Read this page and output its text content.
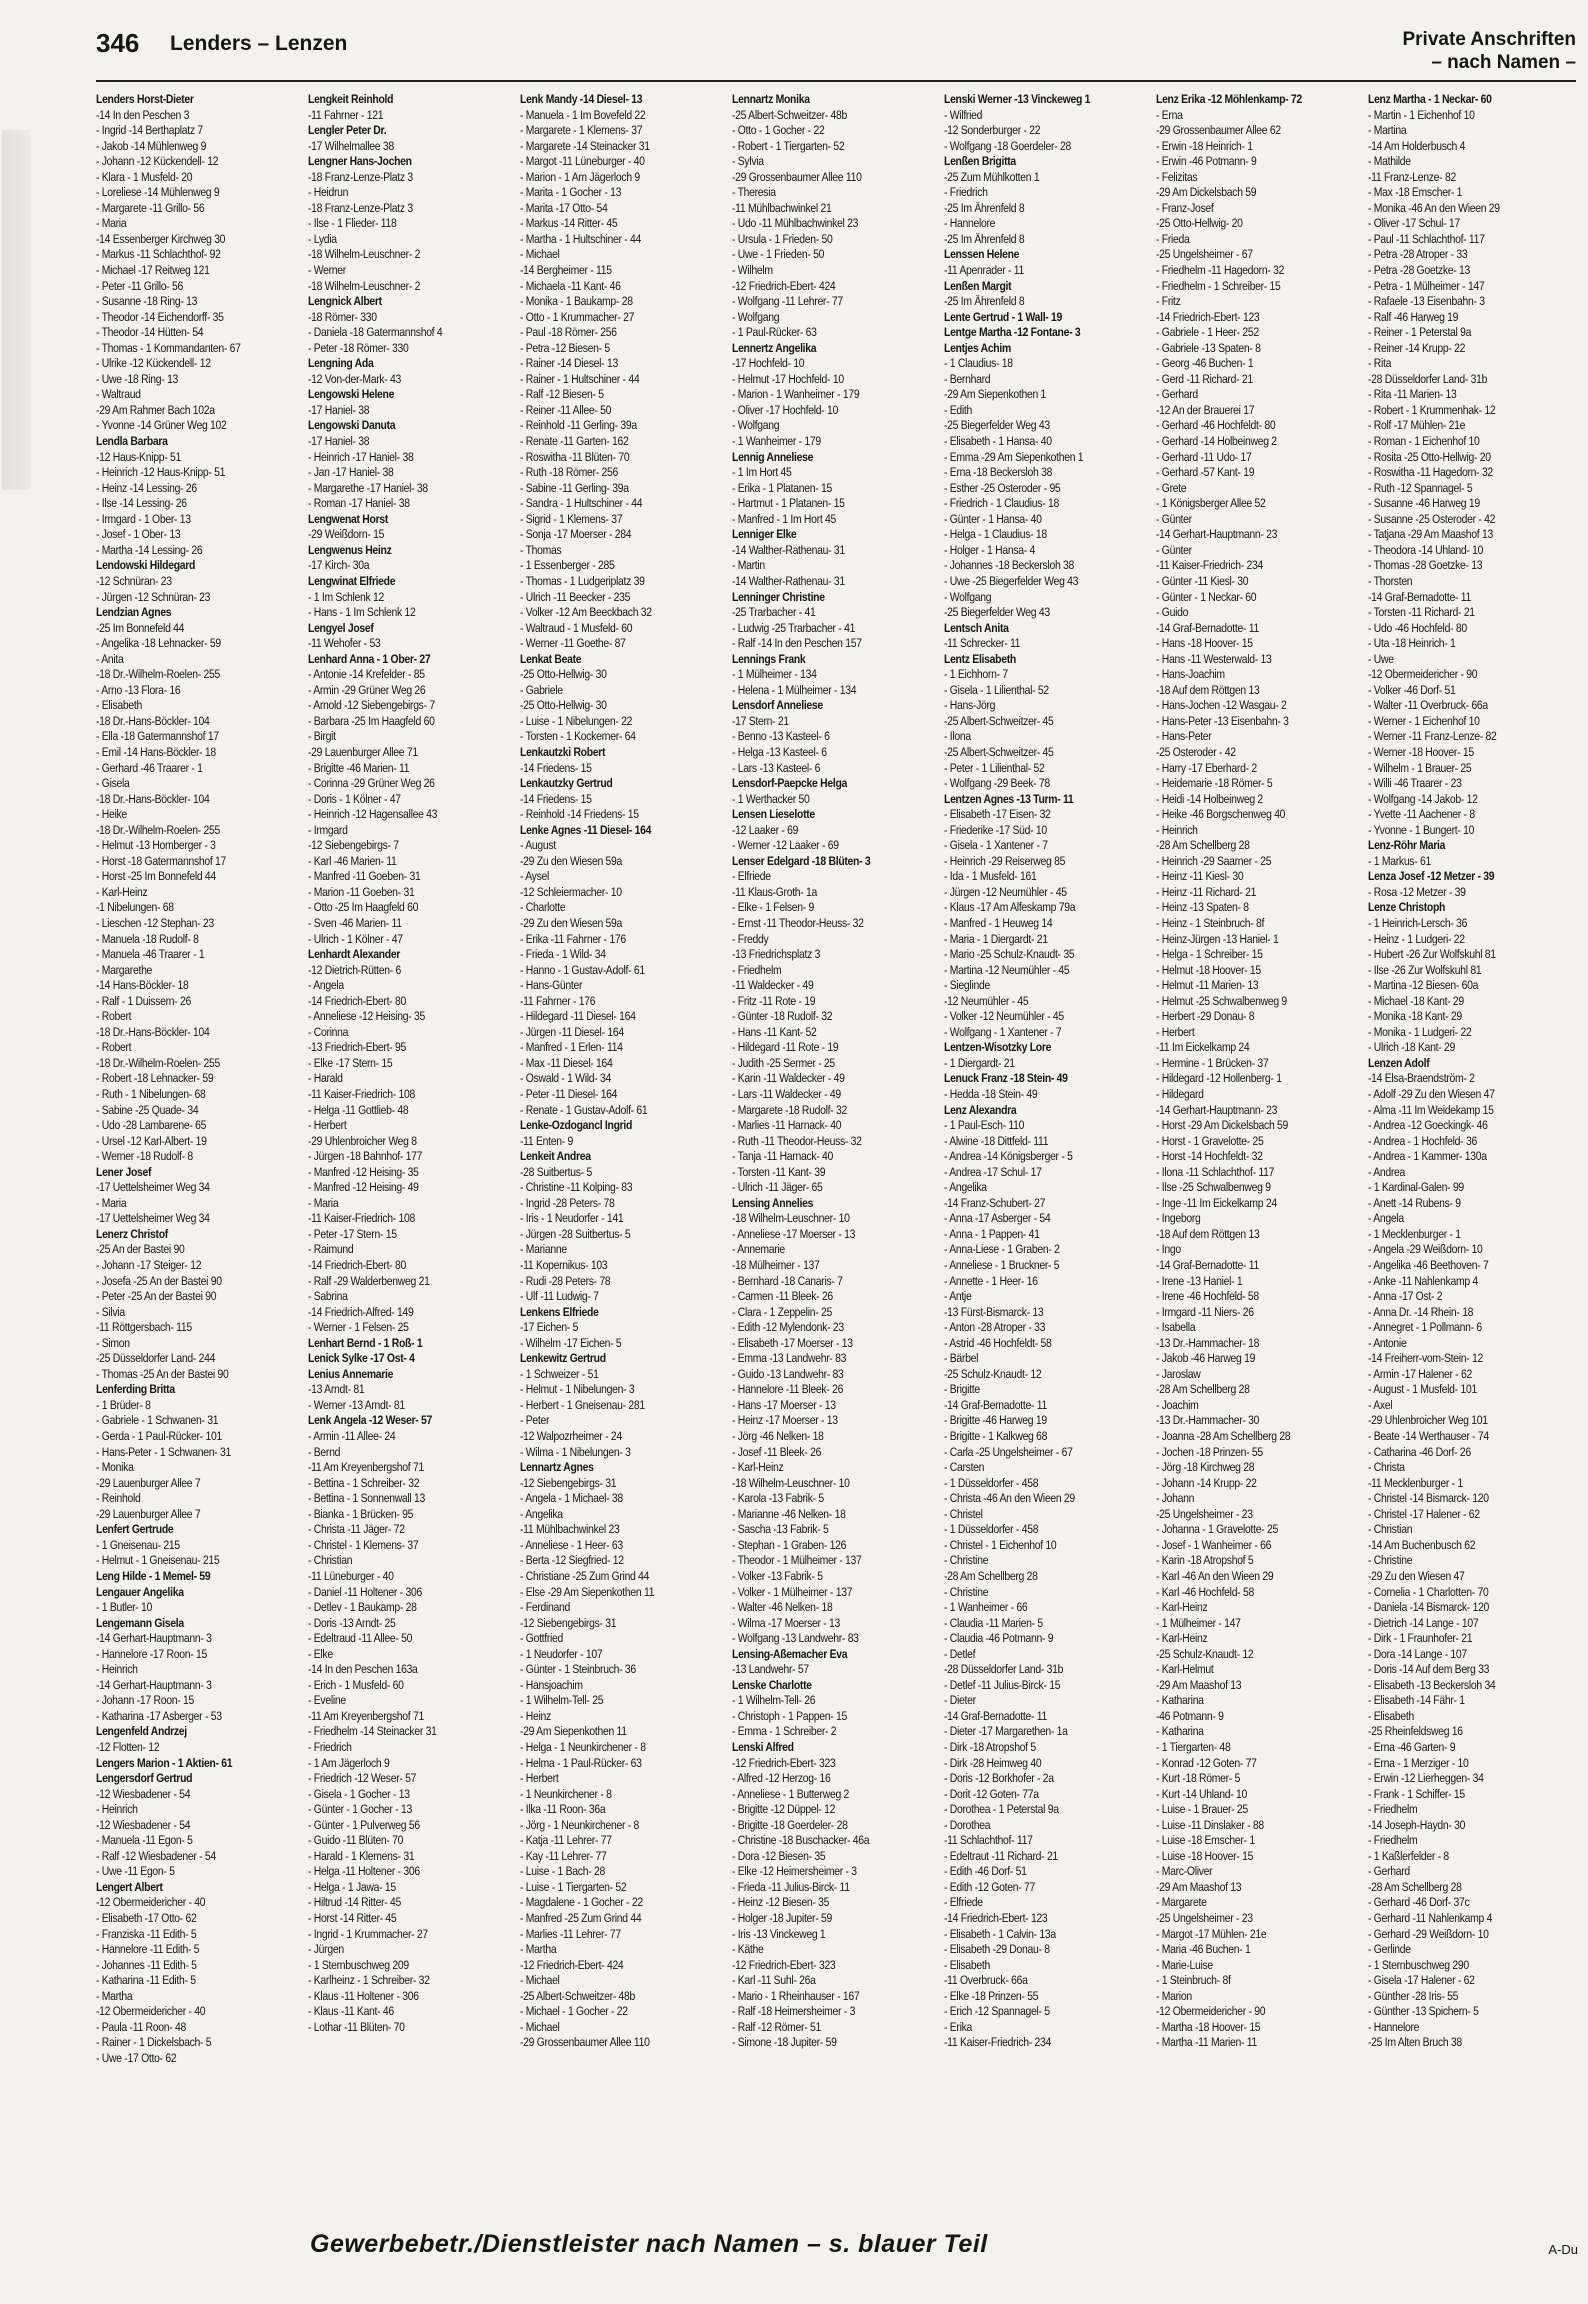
346 Lenders – Lenzen	Private Anschriften
– nach Namen –
Lenders Horst-Dieter
-14 In den Peschen 3
- Ingrid -14 Berthaplatz 7
- Jakob -14 Mühlenweg 9
- Johann -12 Kückendell- 12
- Klara - 1 Musfeld- 20
- Loreliese -14 Mühlenweg 9
- Margarete -11 Grillo- 56
- Maria
-14 Essenberger Kirchweg 30
- Markus -11 Schlachthof- 92
- Michael -17 Reitweg 121
- Peter -11 Grillo- 56
- Susanne -18 Ring- 13
- Theodor -14 Eichendorff- 35
- Theodor -14 Hütten- 54
- Thomas - 1 Kommandanten- 67
- Ulrike -12 Kückendell- 12
- Uwe -18 Ring- 13
- Waltraud
-29 Am Rahmer Bach 102a
- Yvonne -14 Grüner Weg 102
Lendla Barbara
-12 Haus-Knipp- 51
- Heinrich -12 Haus-Knipp- 51
- Heinz -14 Lessing- 26
- Ilse -14 Lessing- 26
- Irmgard - 1 Ober- 13
- Josef - 1 Ober- 13
- Martha -14 Lessing- 26
Lendowski Hildegard
-12 Schnüran- 23
- Jürgen -12 Schnüran- 23
Lendzian Agnes
-25 Im Bonnefeld 44
- Angelika -18 Lehnacker- 59
- Anita
-18 Dr.-Wilhelm-Roelen- 255
- Arno -13 Flora- 16
- Elisabeth
-18 Dr.-Hans-Böckler- 104
- Ella -18 Gatermannshof 17
- Emil -14 Hans-Böckler- 18
- Gerhard -46 Traarer - 1
- Gisela
-18 Dr.-Hans-Böckler- 104
- Heike
-18 Dr.-Wilhelm-Roelen- 255
- Helmut -13 Homberger - 3
- Horst -18 Gatermannshof 17
- Horst -25 Im Bonnefeld 44
- Karl-Heinz
-1 Nibelungen- 68
- Lieschen -12 Stephan- 23
- Manuela -18 Rudolf- 8
- Manuela -46 Traarer - 1
- Margarethe
-14 Hans-Böckler- 18
- Ralf - 1 Duissern- 26
- Robert
-18 Dr.-Hans-Böckler- 104
- Robert
-18 Dr.-Wilhelm-Roelen- 255
- Robert -18 Lehnacker- 59
- Ruth - 1 Nibelungen- 68
- Sabine -25 Quade- 34
- Udo -28 Lambarene- 65
- Ursel -12 Karl-Albert- 19
- Werner -18 Rudolf- 8
Lener Josef
-17 Uettelsheimer Weg 34
- Maria
-17 Uettelsheimer Weg 34
Lenerz Christof
-25 An der Bastei 90
- Johann -17 Steiger- 12
- Josefa -25 An der Bastei 90
- Peter -25 An der Bastei 90
- Silvia
-11 Röttgersbach- 115
- Simon
-25 Düsseldorfer Land- 244
- Thomas -25 An der Bastei 90
Lenferding Britta
- 1 Brüder- 8
- Gabriele - 1 Schwanen- 31
- Gerda - 1 Paul-Rücker- 101
- Hans-Peter - 1 Schwanen- 31
- Monika
-29 Lauenburger Allee 7
- Reinhold
-29 Lauenburger Allee 7
Lenfert Gertrude
- 1 Gneisenau- 215
- Helmut - 1 Gneisenau- 215
Leng Hilde - 1 Memel- 59
Lengauer Angelika
- 1 Butler- 10
Lengemann Gisela
-14 Gerhart-Hauptmann- 3
- Hannelore -17 Roon- 15
- Heinrich
-14 Gerhart-Hauptmann- 3
- Johann -17 Roon- 15
- Katharina -17 Asberger - 53
Lengenfeld Andrzej
-12 Flotten- 12
Lengers Marion - 1 Aktien- 61
Lengersdorf Gertrud
-12 Wiesbadener - 54
- Heinrich
-12 Wiesbadener - 54
- Manuela -11 Egon- 5
- Ralf -12 Wiesbadener - 54
- Uwe -11 Egon- 5
Lengert Albert
-12 Obermeidericher - 40
- Elisabeth -17 Otto- 62
- Franziska -11 Edith- 5
- Hannelore -11 Edith- 5
- Johannes -11 Edith- 5
- Katharina -11 Edith- 5
- Martha
-12 Obermeidericher - 40
- Paula -11 Roon- 48
- Rainer - 1 Dickelsbach- 5
- Uwe -17 Otto- 62
Lengkeit Reinhold
-11 Fahrner - 121
Lengler Peter Dr.
-17 Wilhelmallee 38
Lengner Hans-Jochen
-18 Franz-Lenze-Platz 3
- Heidrun
-18 Franz-Lenze-Platz 3
- Ilse - 1 Flieder- 118
- Lydia
-18 Wilhelm-Leuschner- 2
- Werner
-18 Wilhelm-Leuschner- 2
Lengnick Albert
-18 Römer- 330
- Daniela -18 Gatermannshof 4
- Peter -18 Römer- 330
Lengning Ada
-12 Von-der-Mark- 43
Lengowski Helene
-17 Haniel- 38
Lengowski Danuta
-17 Haniel- 38
- Heinrich -17 Haniel- 38
- Jan -17 Haniel- 38
- Margarethe -17 Haniel- 38
- Roman -17 Haniel- 38
Lengwenat Horst
-29 Weißdorn- 15
Lengwenus Heinz
-17 Kirch- 30a
Lengwinat Elfriede
- 1 Im Schlenk 12
- Hans - 1 Im Schlenk 12
Lengyel Josef
-11 Wehofer - 53
Lenhard Anna - 1 Ober- 27
- Antonie -14 Krefelder - 85
- Armin -29 Grüner Weg 26
- Arnold -12 Siebengebirgs- 7
- Barbara -25 Im Haagfeld 60
- Birgit
-29 Lauenburger Allee 71
- Brigitte -46 Marien- 11
- Corinna -29 Grüner Weg 26
- Doris - 1 Kölner - 47
- Heinrich -12 Hagensallee 43
- Irmgard
-12 Siebengebirgs- 7
- Karl -46 Marien- 11
- Manfred -11 Goeben- 31
- Marion -11 Goeben- 31
- Otto -25 Im Haagfeld 60
- Sven -46 Marien- 11
- Ulrich - 1 Kölner - 47
Lenhardt Alexander
-12 Dietrich-Rütten- 6
- Angela
-14 Friedrich-Ebert- 80
- Anneliese -12 Heising- 35
- Corinna
-13 Friedrich-Ebert- 95
- Elke -17 Stern- 15
- Harald
-11 Kaiser-Friedrich- 108
- Helga -11 Gottlieb- 48
- Herbert
-29 Uhlenbroicher Weg 8
- Jürgen -18 Bahnhof- 177
- Manfred -12 Heising- 35
- Manfred -12 Heising- 49
- Maria
-11 Kaiser-Friedrich- 108
- Peter -17 Stern- 15
- Raimund
-14 Friedrich-Ebert- 80
- Ralf -29 Walderbenweg 21
- Sabrina
-14 Friedrich-Alfred- 149
- Werner - 1 Felsen- 25
Lenhart Bernd - 1 Roß- 1
Lenick Sylke -17 Ost- 4
Lenius Annemarie
-13 Arndt- 81
- Werner -13 Arndt- 81
Lenk Angela -12 Weser- 57
- Armin -11 Allee- 24
- Bernd
-11 Am Kreyenbergshof 71
- Bettina - 1 Schreiber- 32
- Bettina - 1 Sonnenwall 13
- Bianka - 1 Brücken- 95
- Christa -11 Jäger- 72
- Christel - 1 Klemens- 37
- Christian
-11 Lüneburger - 40
- Daniel -11 Holtener - 306
- Detlev - 1 Baukamp- 28
- Doris -13 Arndt- 25
- Edeltraud -11 Allee- 50
- Elke
-14 In den Peschen 163a
- Erich - 1 Musfeld- 60
- Eveline
-11 Am Kreyenbergshof 71
- Friedhelm -14 Steinacker 31
- Friedrich
- 1 Am Jägerloch 9
- Friedrich -12 Weser- 57
- Gisela - 1 Gocher - 13
- Günter - 1 Gocher - 13
- Günter - 1 Pulverweg 56
- Guido -11 Blüten- 70
- Harald - 1 Klemens- 31
- Helga -11 Holtener - 306
- Helga - 1 Jawa- 15
- Hiltrud -14 Ritter- 45
- Horst -14 Ritter- 45
- Ingrid - 1 Krummacher- 27
- Jürgen
- 1 Sternbuschweg 209
- Karlheinz - 1 Schreiber- 32
- Klaus -11 Holtener - 306
- Klaus -11 Kant- 46
- Lothar -11 Blüten- 70
Lenk Mandy -14 Diesel- 13
- Manuela - 1 Im Bovefeld 22
- Margarete - 1 Klemens- 37
- Margarete -14 Steinacker 31
- Margot -11 Lüneburger - 40
- Marion - 1 Am Jägerloch 9
- Marita - 1 Gocher - 13
- Marita -17 Otto- 54
- Markus -14 Ritter- 45
- Martha - 1 Hultschiner - 44
- Michael
-14 Bergheimer - 115
- Michaela -11 Kant- 46
- Monika - 1 Baukamp- 28
- Otto - 1 Krummacher- 27
- Paul -18 Römer- 256
- Petra -12 Biesen- 5
- Rainer -14 Diesel- 13
- Rainer - 1 Hultschiner - 44
- Ralf -12 Biesen- 5
- Reiner -11 Allee- 50
- Reinhold -11 Gerling- 39a
- Renate -11 Garten- 162
- Roswitha -11 Blüten- 70
- Ruth -18 Römer- 256
- Sabine -11 Gerling- 39a
- Sandra - 1 Hultschiner - 44
- Sigrid - 1 Klemens- 37
- Sonja -17 Moerser - 284
- Thomas
- 1 Essenberger - 285
- Thomas - 1 Ludgeriplatz 39
- Ulrich -11 Beecker - 235
- Volker -12 Am Beeckbach 32
- Waltraud - 1 Musfeld- 60
- Werner -11 Goethe- 87
Lenkat Beate
-25 Otto-Hellwig- 30
- Gabriele
-25 Otto-Hellwig- 30
- Luise - 1 Nibelungen- 22
- Torsten - 1 Kockerner- 64
Lenkautzki Robert
-14 Friedens- 15
Lenkautzky Gertrud
-14 Friedens- 15
- Reinhold -14 Friedens- 15
Lenke Agnes -11 Diesel- 164
- August
-29 Zu den Wiesen 59a
- Aysel
-12 Schleiermacher- 10
- Charlotte
-29 Zu den Wiesen 59a
- Erika -11 Fahrner - 176
- Frieda - 1 Wild- 34
- Hanno - 1 Gustav-Adolf- 61
- Hans-Günter
-11 Fahrner - 176
- Hildegard -11 Diesel- 164
- Jürgen -11 Diesel- 164
- Manfred - 1 Erlen- 114
- Max -11 Diesel- 164
- Oswald - 1 Wild- 34
- Peter -11 Diesel- 164
- Renate - 1 Gustav-Adolf- 61
Lenke-Ozdogancl Ingrid
-11 Enten- 9
Lenkeit Andrea
-28 Suitbertus- 5
- Christine -11 Kolping- 83
- Ingrid -28 Peters- 78
- Iris - 1 Neudorfer - 141
- Jürgen -28 Suitbertus- 5
- Marianne
-11 Kopernikus- 103
- Rudi -28 Peters- 78
- Ulf -11 Ludwig- 7
Lenkens Elfriede
-17 Eichen- 5
- Wilhelm -17 Eichen- 5
Lenkewitz Gertrud
- 1 Schweizer - 51
- Helmut - 1 Nibelungen- 3
- Herbert - 1 Gneisenau- 281
- Peter
-12 Walpozrheimer - 24
- Wilma - 1 Nibelungen- 3
Lennartz Agnes
-12 Siebengebirgs- 31
- Angela - 1 Michael- 38
- Angelika
-11 Mühlbachwinkel 23
- Anneliese - 1 Heer- 63
- Berta -12 Siegfried- 12
- Christiane -25 Zum Grind 44
- Else -29 Am Siepenkothen 11
- Ferdinand
-12 Siebengebirgs- 31
- Gottfried
- 1 Neudorfer - 107
- Günter - 1 Steinbruch- 36
- Hansjoachim
- 1 Wilhelm-Tell- 25
- Heinz
-29 Am Siepenkothen 11
- Helga - 1 Neunkirchener - 8
- Helma - 1 Paul-Rücker- 63
- Herbert
- 1 Neunkirchener - 8
- Ilka -11 Roon- 36a
- Jörg - 1 Neunkirchener - 8
- Katja -11 Lehrer- 77
- Kay -11 Lehrer- 77
- Luise - 1 Bach- 28
- Luise - 1 Tiergarten- 52
- Magdalene - 1 Gocher - 22
- Manfred -25 Zum Grind 44
- Marlies -11 Lehrer- 77
- Martha
-12 Friedrich-Ebert- 424
- Michael
-25 Albert-Schweitzer- 48b
- Michael - 1 Gocher - 22
- Michael
-29 Grossenbaumer Allee 110
Lennartz Monika
-25 Albert-Schweitzer- 48b
- Otto - 1 Gocher - 22
- Robert - 1 Tiergarten- 52
- Sylvia
-29 Grossenbaumer Allee 110
- Theresia
-11 Mühlbachwinkel 21
- Udo -11 Mühlbachwinkel 23
- Ursula - 1 Frieden- 50
- Uwe - 1 Frieden- 50
- Wilhelm
-12 Friedrich-Ebert- 424
- Wolfgang -11 Lehrer- 77
- Wolfgang
- 1 Paul-Rücker- 63
Lennertz Angelika
-17 Hochfeld- 10
- Helmut -17 Hochfeld- 10
- Marion - 1 Wanheimer - 179
- Oliver -17 Hochfeld- 10
- Wolfgang
- 1 Wanheimer - 179
Lennig Anneliese
- 1 Im Hort 45
- Erika - 1 Platanen- 15
- Hartmut - 1 Platanen- 15
- Manfred - 1 Im Hort 45
Lenniger Elke
-14 Walther-Rathenau- 31
- Martin
-14 Walther-Rathenau- 31
Lenninger Christine
-25 Trarbacher - 41
- Ludwig -25 Trarbacher - 41
- Ralf -14 In den Peschen 157
Lennings Frank
- 1 Mülheimer - 134
- Helena - 1 Mülheimer - 134
Lensdorf Anneliese
-17 Stern- 21
- Benno -13 Kasteel- 6
- Helga -13 Kasteel- 6
- Lars -13 Kasteel- 6
Lensdorf-Paepcke Helga
- 1 Werthacker 50
Lensen Lieselotte
-12 Laaker - 69
- Werner -12 Laaker - 69
Lenser Edelgard -18 Blüten- 3
- Elfriede
-11 Klaus-Groth- 1a
- Elke - 1 Felsen- 9
- Ernst -11 Theodor-Heuss- 32
- Freddy
-13 Friedrichsplatz 3
- Friedhelm
-11 Waldecker - 49
- Fritz -11 Rote - 19
- Günter -18 Rudolf- 32
- Hans -11 Kant- 52
- Hildegard -11 Rote - 19
- Judith -25 Sermer - 25
- Karin -11 Waldecker - 49
- Lars -11 Waldecker - 49
- Margarete -18 Rudolf- 32
- Marlies -11 Harnack- 40
- Ruth -11 Theodor-Heuss- 32
- Tanja -11 Harnack- 40
- Torsten -11 Kant- 39
- Ulrich -11 Jäger- 65
Lensing Annelies
-18 Wilhelm-Leuschner- 10
- Anneliese -17 Moerser - 13
- Annemarie
-18 Mülheimer - 137
- Bernhard -18 Canaris- 7
- Carmen -11 Bleek- 26
- Clara - 1 Zeppelin- 25
- Edith -12 Mylendonk- 23
- Elisabeth -17 Moerser - 13
- Emma -13 Landwehr- 83
- Guido -13 Landwehr- 83
- Hannelore -11 Bleek- 26
- Hans -17 Moerser - 13
- Heinz -17 Moerser - 13
- Jörg -46 Nelken- 18
- Josef -11 Bleek- 26
- Karl-Heinz
-18 Wilhelm-Leuschner- 10
- Karola -13 Fabrik- 5
- Marianne -46 Nelken- 18
- Sascha -13 Fabrik- 5
- Stephan - 1 Graben- 126
- Theodor - 1 Mülheimer - 137
- Volker -13 Fabrik- 5
- Volker - 1 Mülheimer - 137
- Walter -46 Nelken- 18
- Wilma -17 Moerser - 13
- Wolfgang -13 Landwehr- 83
Lensing-Aßemacher Eva
-13 Landwehr- 57
Lenske Charlotte
- 1 Wilhelm-Tell- 26
- Christoph - 1 Pappen- 15
- Emma - 1 Schreiber- 2
Lenski Alfred
-12 Friedrich-Ebert- 323
- Alfred -12 Herzog- 16
- Anneliese - 1 Butterweg 2
- Brigitte -12 Düppel- 12
- Brigitte -18 Goerdeler- 28
- Christine -18 Buschacker- 46a
- Dora -12 Biesen- 35
- Elke -12 Heimersheimer - 3
- Frieda -11 Julius-Birck- 11
- Heinz -12 Biesen- 35
- Holger -18 Jupiter- 59
- Iris -13 Vinckeweg 1
- Käthe
-12 Friedrich-Ebert- 323
- Karl -11 Suhl- 26a
- Mario - 1 Rheinhauser - 167
- Ralf -18 Heimersheimer - 3
- Ralf -12 Römer- 51
- Simone -18 Jupiter- 59
Lenski Werner -13 Vinckeweg 1
- Wilfried
-12 Sonderburger - 22
- Wolfgang -18 Goerdeler- 28
Lenßen Brigitta
-25 Zum Mühlkotten 1
- Friedrich
-25 Im Ährenfeld 8
- Hannelore
-25 Im Ährenfeld 8
Lenssen Helene
-11 Apenrader - 11
Lenßen Margit
-25 Im Ährenfeld 8
Lente Gertrud - 1 Wall- 19
Lentge Martha -12 Fontane- 3
Lentjes Achim
- 1 Claudius- 18
- Bernhard
-29 Am Siepenkothen 1
- Edith
-25 Biegerfelder Weg 43
- Elisabeth - 1 Hansa- 40
- Emma -29 Am Siepenkothen 1
- Erna -18 Beckersloh 38
- Esther -25 Osteroder - 95
- Friedrich - 1 Claudius- 18
- Günter - 1 Hansa- 40
- Helga - 1 Claudius- 18
- Holger - 1 Hansa- 4
- Johannes -18 Beckersloh 38
- Uwe -25 Biegerfelder Weg 43
- Wolfgang
-25 Biegerfelder Weg 43
Lentsch Anita
-11 Schrecker- 11
Lentz Elisabeth
- 1 Eichhorn- 7
- Gisela - 1 Lilienthal- 52
- Hans-Jörg
-25 Albert-Schweitzer- 45
- Ilona
-25 Albert-Schweitzer- 45
- Peter - 1 Lilienthal- 52
- Wolfgang -29 Beek- 78
Lentzen Agnes -13 Turm- 11
- Elisabeth -17 Eisen- 32
- Friederike -17 Süd- 10
- Gisela - 1 Xantener - 7
- Heinrich -29 Reiserweg 85
- Ida - 1 Musfeld- 161
- Jürgen -12 Neumühler - 45
- Klaus -17 Am Alfeskamp 79a
- Manfred - 1 Heuweg 14
- Maria - 1 Diergardt- 21
- Mario -25 Schulz-Knaudt- 35
- Martina -12 Neumühler - 45
- Sieglinde
-12 Neumühler - 45
- Volker -12 Neumühler - 45
- Wolfgang - 1 Xantener - 7
Lentzen-Wisotzky Lore
- 1 Diergardt- 21
Lenuck Franz -18 Stein- 49
- Hedda -18 Stein- 49
Lenz Alexandra
- 1 Paul-Esch- 110
- Alwine -18 Dittfeld- 111
- Andrea -14 Königsberger - 5
- Andrea -17 Schul- 17
- Angelika
-14 Franz-Schubert- 27
- Anna -17 Asberger - 54
- Anna - 1 Pappen- 41
- Anna-Liese - 1 Graben- 2
- Anneliese - 1 Bruckner- 5
- Annette - 1 Heer- 16
- Antje
-13 Fürst-Bismarck- 13
- Anton -28 Atroper - 33
- Astrid -46 Hochfeldt- 58
- Bärbel
-25 Schulz-Knaudt- 12
- Brigitte
-14 Graf-Bernadotte- 11
- Brigitte -46 Harweg 19
- Brigitte - 1 Kalkweg 68
- Carla -25 Ungelsheimer - 67
- Carsten
- 1 Düsseldorfer - 458
- Christa -46 An den Wieen 29
- Christel
- 1 Düsseldorfer - 458
- Christel - 1 Eichenhof 10
- Christine
-28 Am Schellberg 28
- Christine
- 1 Wanheimer - 66
- Claudia -11 Marien- 5
- Claudia -46 Potmann- 9
- Detlef
-28 Düsseldorfer Land- 31b
- Detlef -11 Julius-Birck- 15
- Dieter
-14 Graf-Bernadotte- 11
- Dieter -17 Margarethen- 1a
- Dirk -18 Atropshof 5
- Dirk -28 Heimweg 40
- Doris -12 Borkhofer - 2a
- Dorit -12 Goten- 77a
- Dorothea - 1 Peterstal 9a
- Dorothea
-11 Schlachthof- 117
- Edeltraut -11 Richard- 21
- Edith -46 Dorf- 51
- Edith -12 Goten- 77
- Elfriede
-14 Friedrich-Ebert- 123
- Elisabeth - 1 Calvin- 13a
- Elisabeth -29 Donau- 8
- Elisabeth
-11 Overbruck- 66a
- Elke -18 Prinzen- 55
- Erich -12 Spannagel- 5
- Erika
-11 Kaiser-Friedrich- 234
Lenz Erika -12 Möhlenkamp- 72
- Erna
-29 Grossenbaumer Allee 62
- Erwin -18 Heinrich- 1
- Erwin -46 Potmann- 9
- Felizitas
-29 Am Dickelsbach 59
- Franz-Josef
-25 Otto-Hellwig- 20
- Frieda
-25 Ungelsheimer - 67
- Friedhelm -11 Hagedorn- 32
- Friedhelm - 1 Schreiber- 15
- Fritz
-14 Friedrich-Ebert- 123
- Gabriele - 1 Heer- 252
- Gabriele -13 Spaten- 8
- Georg -46 Buchen- 1
- Gerd -11 Richard- 21
- Gerhard
-12 An der Brauerei 17
- Gerhard -46 Hochfeldt- 80
- Gerhard -14 Holbeinweg 2
- Gerhard -11 Udo- 17
- Gerhard -57 Kant- 19
- Grete
- 1 Königsberger Allee 52
- Günter
-14 Gerhart-Hauptmann- 23
- Günter
-11 Kaiser-Friedrich- 234
- Günter -11 Kiesl- 30
- Günter - 1 Neckar- 60
- Guido
-14 Graf-Bernadotte- 11
- Hans -18 Hoover- 15
- Hans -11 Westerwald- 13
- Hans-Joachim
-18 Auf dem Röttgen 13
- Hans-Jochen -12 Wasgau- 2
- Hans-Peter -13 Eisenbahn- 3
- Hans-Peter
-25 Osteroder - 42
- Harry -17 Eberhard- 2
- Heidemarie -18 Römer- 5
- Heidi -14 Holbeinweg 2
- Heike -46 Borgschenweg 40
- Heinrich
-28 Am Schellberg 28
- Heinrich -29 Saarner - 25
- Heinz -11 Kiesl- 30
- Heinz -11 Richard- 21
- Heinz -13 Spaten- 8
- Heinz - 1 Steinbruch- 8f
- Heinz-Jürgen -13 Haniel- 1
- Helga - 1 Schreiber- 15
- Helmut -18 Hoover- 15
- Helmut -11 Marien- 13
- Helmut -25 Schwalbenweg 9
- Herbert -29 Donau- 8
- Herbert
-11 Im Eickelkamp 24
- Hermine - 1 Brücken- 37
- Hildegard -12 Hollenberg- 1
- Hildegard
-14 Gerhart-Hauptmann- 23
- Horst -29 Am Dickelsbach 59
- Horst - 1 Gravelotte- 25
- Horst -14 Hochfeldt- 32
- Ilona -11 Schlachthof- 117
- Ilse -25 Schwalbenweg 9
- Inge -11 Im Eickelkamp 24
- Ingeborg
-18 Auf dem Röttgen 13
- Ingo
-14 Graf-Bernadotte- 11
- Irene -13 Haniel- 1
- Irene -46 Hochfeld- 58
- Irmgard -11 Niers- 26
- Isabella
-13 Dr.-Hammacher- 18
- Jakob -46 Harweg 19
- Jaroslaw
-28 Am Schellberg 28
- Joachim
-13 Dr.-Hammacher- 30
- Joanna -28 Am Schellberg 28
- Jochen -18 Prinzen- 55
- Jörg -18 Kirchweg 28
- Johann -14 Krupp- 22
- Johann
-25 Ungelsheimer - 23
- Johanna - 1 Gravelotte- 25
- Josef - 1 Wanheimer - 66
- Karin -18 Atropshof 5
- Karl -46 An den Wieen 29
- Karl -46 Hochfeld- 58
- Karl-Heinz
- 1 Mülheimer - 147
- Karl-Heinz
-25 Schulz-Knaudt- 12
- Karl-Helmut
-29 Am Maashof 13
- Katharina
-46 Potmann- 9
- Katharina
- 1 Tiergarten- 48
- Konrad -12 Goten- 77
- Kurt -18 Römer- 5
- Kurt -14 Uhland- 10
- Luise - 1 Brauer- 25
- Luise -11 Dinslaker - 88
- Luise -18 Emscher- 1
- Luise -18 Hoover- 15
- Marc-Oliver
-29 Am Maashof 13
- Margarete
-25 Ungelsheimer - 23
- Margot -17 Mühlen- 21e
- Maria -46 Buchen- 1
- Marie-Luise
- 1 Steinbruch- 8f
- Marion
-12 Obermeidericher - 90
- Martha -18 Hoover- 15
- Martha -11 Marien- 11
Lenz Martha - 1 Neckar- 60
- Martin - 1 Eichenhof 10
- Martina
-14 Am Holderbusch 4
- Mathilde
-11 Franz-Lenze- 82
- Max -18 Emscher- 1
- Monika -46 An den Wieen 29
- Oliver -17 Schul- 17
- Paul -11 Schlachthof- 117
- Petra -28 Atroper - 33
- Petra -28 Goetzke- 13
- Petra - 1 Mülheimer - 147
- Rafaele -13 Eisenbahn- 3
- Ralf -46 Harweg 19
- Reiner - 1 Peterstal 9a
- Reiner -14 Krupp- 22
- Rita
-28 Düsseldorfer Land- 31b
- Rita -11 Marien- 13
- Robert - 1 Krummenhak- 12
- Rolf -17 Mühlen- 21e
- Roman - 1 Eichenhof 10
- Rosita -25 Otto-Hellwig- 20
- Roswitha -11 Hagedorn- 32
- Ruth -12 Spannagel- 5
- Susanne -46 Harweg 19
- Susanne -25 Osteroder - 42
- Tatjana -29 Am Maashof 13
- Theodora -14 Uhland- 10
- Thomas -28 Goetzke- 13
- Thorsten
-14 Graf-Bernadotte- 11
- Torsten -11 Richard- 21
- Udo -46 Hochfeld- 80
- Uta -18 Heinrich- 1
- Uwe
-12 Obermeidericher - 90
- Volker -46 Dorf- 51
- Walter -11 Overbruck- 66a
- Werner - 1 Eichenhof 10
- Werner -11 Franz-Lenze- 82
- Werner -18 Hoover- 15
- Wilhelm - 1 Brauer- 25
- Willi -46 Traarer - 23
- Wolfgang -14 Jakob- 12
- Yvette -11 Aachener - 8
- Yvonne - 1 Bungert- 10
Lenz-Röhr Maria
- 1 Markus- 61
Lenza Josef -12 Metzer - 39
- Rosa -12 Metzer - 39
Lenze Christoph
- 1 Heinrich-Lersch- 36
- Heinz - 1 Ludgeri- 22
- Hubert -26 Zur Wolfskuhl 81
- Ilse -26 Zur Wolfskuhl 81
- Martina -12 Biesen- 60a
- Michael -18 Kant- 29
- Monika -18 Kant- 29
- Monika - 1 Ludgeri- 22
- Ulrich -18 Kant- 29
Lenzen Adolf
-14 Elsa-Braendström- 2
- Adolf -29 Zu den Wiesen 47
- Alma -11 Im Weidekamp 15
- Andrea -12 Goeckingk- 46
- Andrea - 1 Hochfeld- 36
- Andrea - 1 Kammer- 130a
- Andrea
- 1 Kardinal-Galen- 99
- Anett -14 Rubens- 9
- Angela
- 1 Mecklenburger - 1
- Angela -29 Weißdorn- 10
- Angelika -46 Beethoven- 7
- Anke -11 Nahlenkamp 4
- Anna -17 Ost- 2
- Anna Dr. -14 Rhein- 18
- Annegret - 1 Pollmann- 6
- Antonie
-14 Freiherr-vom-Stein- 12
- Armin -17 Halener - 62
- August - 1 Musfeld- 101
- Axel
-29 Uhlenbroicher Weg 101
- Beate -14 Werthauser - 74
- Catharina -46 Dorf- 26
- Christa
-11 Mecklenburger - 1
- Christel -14 Bismarck- 120
- Christel -17 Halener - 62
- Christian
-14 Am Buchenbusch 62
- Christine
-29 Zu den Wiesen 47
- Cornelia - 1 Charlotten- 70
- Daniela -14 Bismarck- 120
- Dietrich -14 Lange - 107
- Dirk - 1 Fraunhofer- 21
- Dora -14 Lange - 107
- Doris -14 Auf dem Berg 33
- Elisabeth -13 Beckersloh 34
- Elisabeth -14 Fähr- 1
- Elisabeth
-25 Rheinfeldsweg 16
- Erna -46 Garten- 9
- Erna - 1 Merziger - 10
- Erwin -12 Lierheggen- 34
- Frank - 1 Schiffer- 15
- Friedhelm
-14 Joseph-Haydn- 30
- Friedhelm
- 1 Kaßlerfelder - 8
- Gerhard
-28 Am Schellberg 28
- Gerhard -46 Dorf- 37c
- Gerhard -11 Nahlenkamp 4
- Gerhard -29 Weißdorn- 10
- Gerlinde
- 1 Sternbuschweg 290
- Gisela -17 Halener - 62
- Günther -28 Iris- 55
- Günther -13 Spichern- 5
- Hannelore
-25 Im Alten Bruch 38
Gewerbebetr./Dienstleister nach Namen – s. blauer Teil	A-Du
